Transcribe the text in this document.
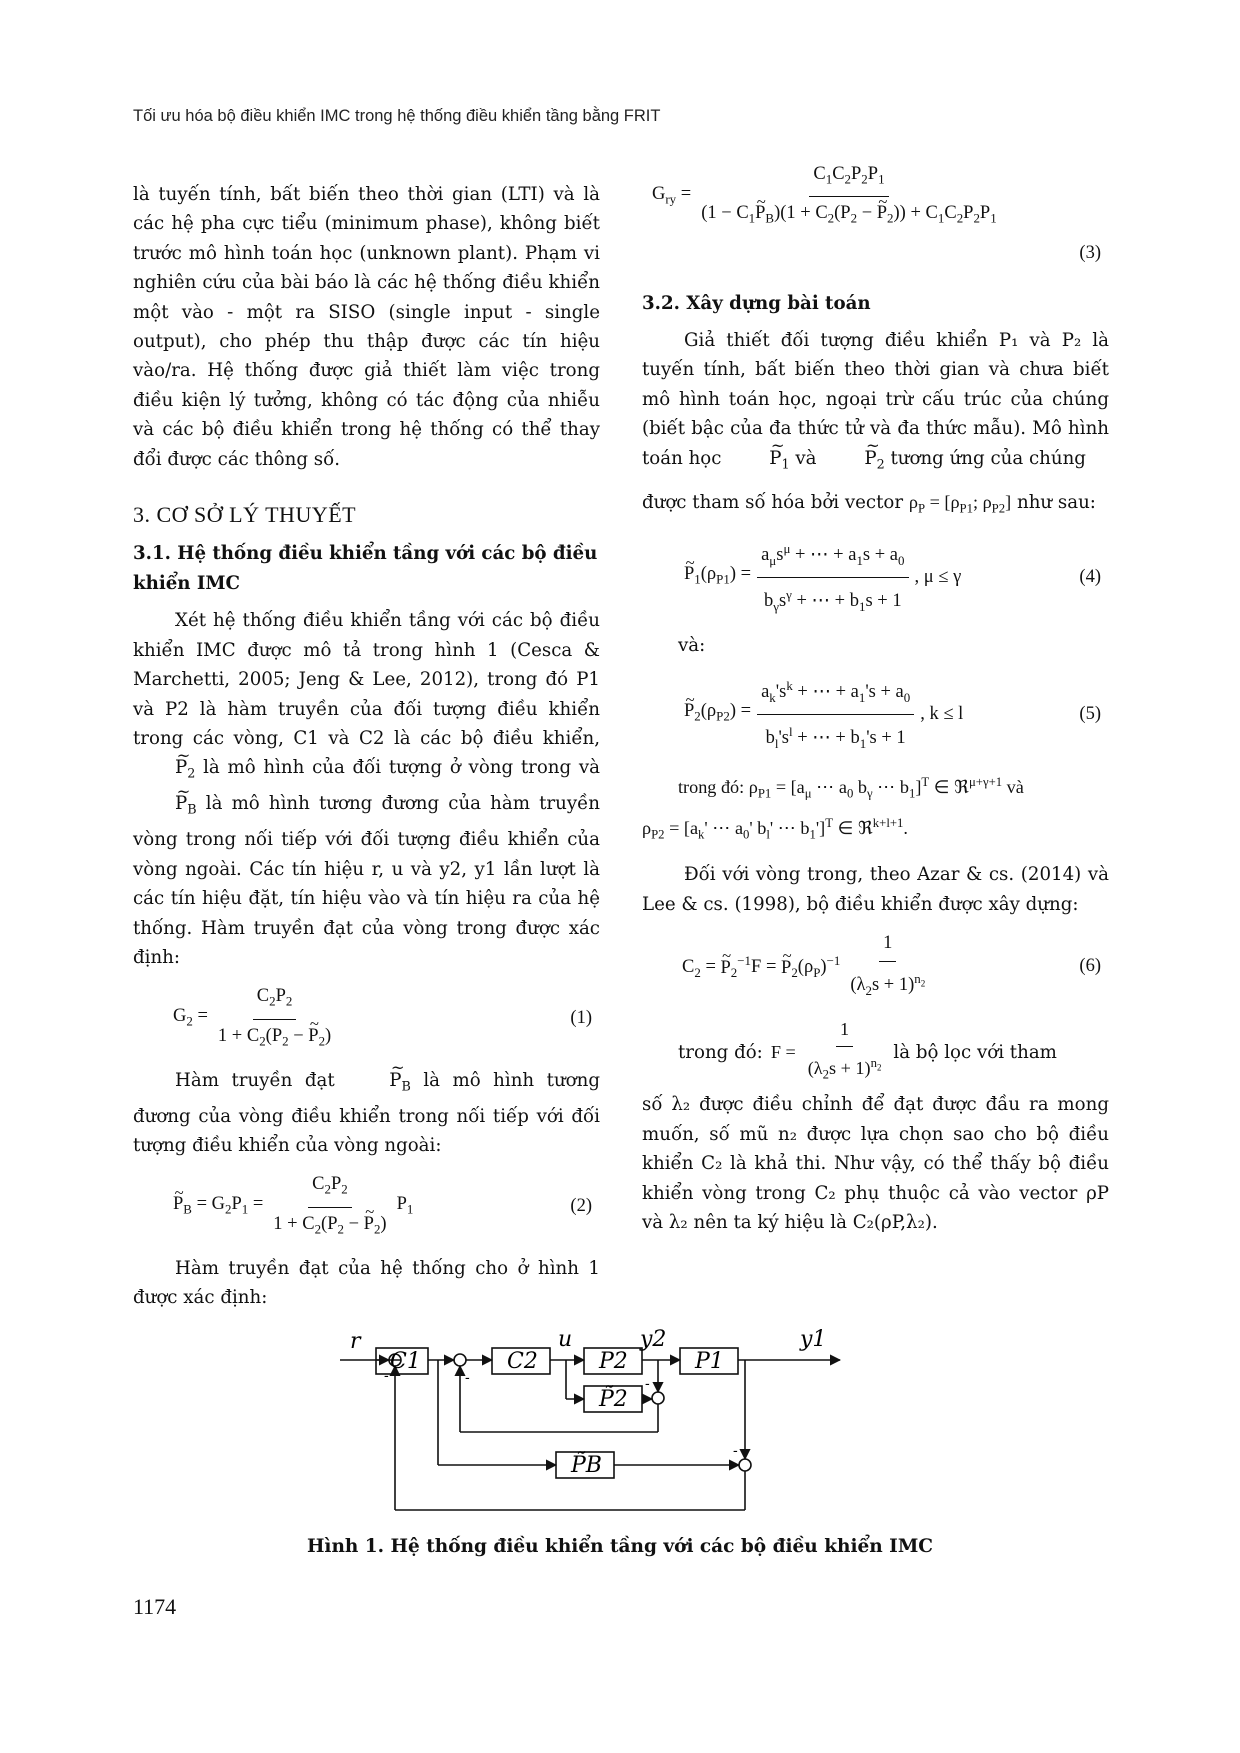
Tối ưu hóa bộ điều khiển IMC trong hệ thống điều khiển tầng bằng FRIT

là tuyến tính, bất biến theo thời gian (LTI) và là các hệ pha cực tiểu (minimum phase), không biết trước mô hình toán học (unknown plant). Phạm vi nghiên cứu của bài báo là các hệ thống điều khiển một vào - một ra SISO (single input - single output), cho phép thu thập được các tín hiệu vào/ra. Hệ thống được giả thiết làm việc trong điều kiện lý tưởng, không có tác động của nhiễu và các bộ điều khiển trong hệ thống có thể thay đổi được các thông số.

3. CƠ SỞ LÝ THUYẾT
3.1. Hệ thống điều khiển tầng với các bộ điều khiển IMC

Xét hệ thống điều khiển tầng với các bộ điều khiển IMC được mô tả trong hình 1 (Cesca & Marchetti, 2005; Jeng & Lee, 2012), trong đó P1 và P2 là hàm truyền của đối tượng điều khiển trong các vòng, C1 và C2 là các bộ điều khiển, ~ $P_2$ là mô hình của đối tượng ở vòng trong và ~ $P_B$ là mô hình tương đương của hàm truyền vòng trong nối tiếp với đối tượng điều khiển của vòng ngoài. Các tín hiệu r, u và y2, y1 lần lượt là các tín hiệu đặt, tín hiệu vào và tín hiệu ra của hệ thống. Hàm truyền đạt của vòng trong được xác định:

$G_2 = \frac{C_2P_2}{1 + C_2(P_2 - \sim P_2)}$	(1)

Hàm truyền đạt	~ $P_B$ là mô hình tương đương của vòng điều khiển trong nối tiếp với đối tượng điều khiển của vòng ngoài:

~ $P_B = G_2P_1 = \frac{C_2P_2}{1 + C_2(P_2 - \sim P_2)} P_1$	(2)

Hàm truyền đạt của hệ thống cho ở hình 1 được xác định:

$G_{ry} = \frac{C_1C_2P_2P_1}{(1 - C_1\sim P_B)(1 + C_2(P_2 - \sim P_2)) + C_1C_2P_2P_1}$
(3)
3.2. Xây dựng bài toán

Giả thiết đối tượng điều khiển P₁ và P₂ là tuyến tính, bất biến theo thời gian và chưa biết mô hình toán học, ngoại trừ cấu trúc của chúng (biết bậc của đa thức tử và đa thức mẫu). Mô hình toán học	~ $P_1$ và	~ $P_2$ tương ứng của chúng

được tham số hóa bởi vector $\rho_P = [\rho_{P1}$; $\rho_{P2}$] như sau:

~ $P_1(\rho_{P1}) = \frac{a_\mu s^\mu + \cdots + a_1s + a_0}{b_\gamma s^\gamma + \cdots + b_1s + 1}$ , μ ≤ γ	(4)

và:

~ $P_2(\rho_{P2}) = \frac{a_k's^k + \cdots + a_1's + a_0}{b_l's^l + \cdots + b_1's + 1}$ , k ≤ l	(5)

trong đó: $\rho_{P1} = [a_\mu$ ⋯ $a_0$ $b_\gamma$ ⋯ $b_1]^T$ ∈ ℜ$^{\mu+\gamma+1}$ và

$\rho_{P2} = [a_k'$ ⋯ $a_0'$ $b_l'$ ⋯ $b_1']^T$ ∈ ℜ$^{k+l+1}$.

Đối với vòng trong, theo Azar & cs. (2014) và Lee & cs. (1998), bộ điều khiển được xây dựng:

$C_2$ = ~ $P_2^{-1}F$ = ~ $P_2(\rho_P)^{-1} \frac{1}{(\lambda_2s + 1)^{n_2}}$	(6)

trong đó: $F = \frac{1}{(\lambda_2s + 1)^{n_2}}$ là bộ lọc với tham

số λ₂ được điều chỉnh để đạt được đầu ra mong muốn, số mũ n₂ được lựa chọn sao cho bộ điều khiển C₂ là khả thi. Như vậy, có thể thấy bộ điều khiển vòng trong C₂ phụ thuộc cả vào vector ρP và λ₂ nên ta ký hiệu là C₂(ρP,λ₂).

r	u	y2	y1
-	-	-
-
C1	C2	P2	P1
P̃2
P̃B
Hình 1. Hệ thống điều khiển tầng với các bộ điều khiển IMC
1174
